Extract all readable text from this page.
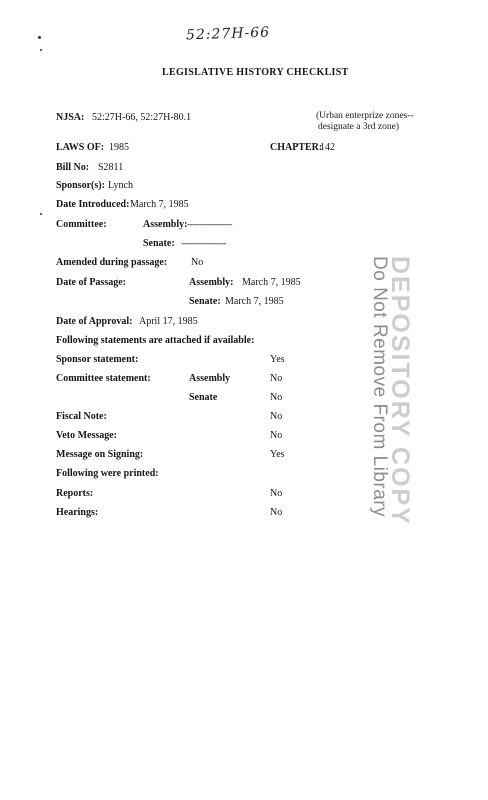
52:27H-66
LEGISLATIVE HISTORY CHECKLIST
NJSA: 52:27H-66, 52:27H-80.1	(Urban enterprize zones--
designate a 3rd zone)
LAWS OF: 1985	CHAPTER:
142
Bill No: S2811
Sponsor(s): Lynch
Date Introduced: March 7, 1985
Committee:	Assembly: ------------------
Senate: ------------------
Amended during passage: No
Date of Passage:	Assembly: March 7, 1985
Senate: March 7, 1985
Date of Approval: April 17, 1985
Following statements are attached if available:
Sponsor statement:	Yes
Committee statement:	Assembly	No
Senate	No
Fiscal Note:	No
Veto Message:	No
Message on Signing:	Yes
Following were printed:
Reports:	No
Hearings:	No	DEPOSITORY COPY
Do Not Remove From Library
